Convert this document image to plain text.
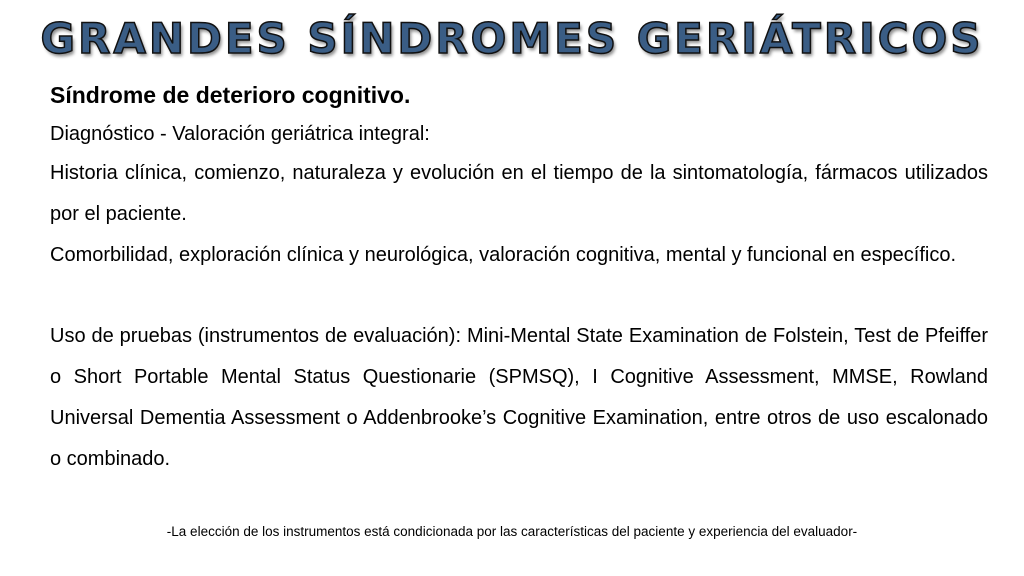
GRANDES SÍNDROMES GERIÁTRICOS
Síndrome de deterioro cognitivo.
Diagnóstico - Valoración geriátrica integral:
Historia clínica, comienzo, naturaleza y evolución en el tiempo de la sintomatología, fármacos utilizados por el paciente.
Comorbilidad, exploración clínica y neurológica, valoración cognitiva, mental y funcional en específico.
Uso de pruebas (instrumentos de evaluación): Mini-Mental State Examination de Folstein, Test de Pfeiffer o Short Portable Mental Status Questionarie (SPMSQ), I Cognitive Assessment, MMSE, Rowland Universal Dementia Assessment o Addenbrooke’s Cognitive Examination, entre otros de uso escalonado o combinado.
-La elección de los instrumentos está condicionada por las características del paciente y experiencia del evaluador-
